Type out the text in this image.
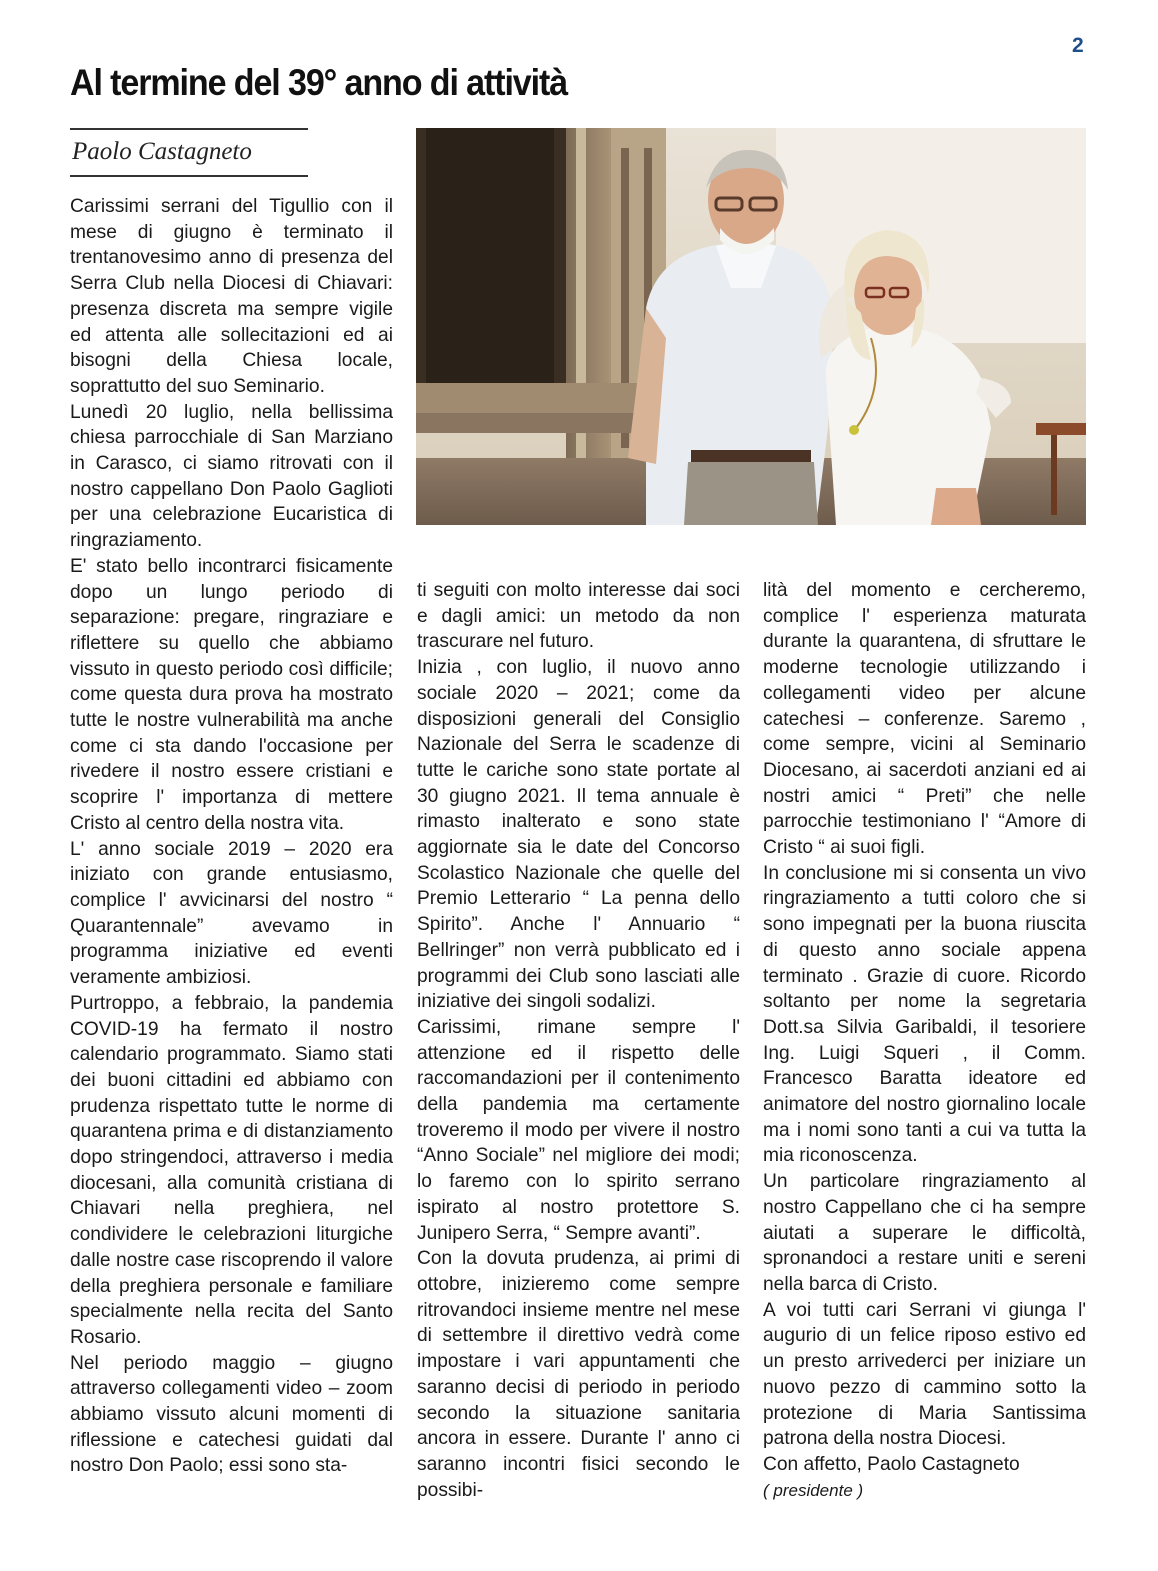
2
Al termine del 39° anno di attività
Paolo Castagneto

Carissimi serrani del Tigullio con il mese di giugno è terminato il trentanovesimo anno di presenza del Serra Club nella Diocesi di Chiavari: presenza discreta ma sempre vigile ed attenta alle sollecitazioni ed ai bisogni della Chiesa locale, soprattutto del suo Seminario.

Lunedì 20 luglio, nella bellissima chiesa parrocchiale di San Marziano in Carasco, ci siamo ritrovati con il nostro cappellano Don Paolo Gaglioti per una celebrazione Eucaristica di ringraziamento.

E' stato bello incontrarci fisicamente dopo un lungo periodo di separazione: pregare, ringraziare e riflettere su quello che abbiamo vissuto in questo periodo così difficile; come questa dura prova ha mostrato tutte le nostre vulnerabilità ma anche come ci sta dando l'occasione per rivedere il nostro essere cristiani e scoprire l' importanza di mettere Cristo al centro della nostra vita.

L' anno sociale 2019 – 2020 era iniziato con grande entusiasmo, complice l' avvicinarsi del nostro “ Quarantennale” avevamo in programma iniziative ed eventi veramente ambiziosi.

Purtroppo, a febbraio, la pandemia COVID-19 ha fermato il nostro calendario programmato. Siamo stati dei buoni cittadini ed abbiamo con prudenza rispettato tutte le norme di quarantena prima e di distanziamento dopo stringendoci, attraverso i media diocesani, alla comunità cristiana di Chiavari nella preghiera, nel condividere le celebrazioni liturgiche dalle nostre case riscoprendo il valore della preghiera personale e familiare specialmente nella recita del Santo Rosario.

Nel periodo maggio – giugno attraverso collegamenti video – zoom abbiamo vissuto alcuni momenti di riflessione e catechesi guidati dal nostro Don Paolo; essi sono sta-

ti seguiti con molto interesse dai soci e dagli amici: un metodo da non trascurare nel futuro.

Inizia , con luglio, il nuovo anno sociale 2020 – 2021; come da disposizioni generali del Consiglio Nazionale del Serra le scadenze di tutte le cariche sono state portate al 30 giugno 2021. Il tema annuale è rimasto inalterato e sono state aggiornate sia le date del Concorso Scolastico Nazionale che quelle del Premio Letterario “ La penna dello Spirito”. Anche l' Annuario “ Bellringer” non verrà pubblicato ed i programmi dei Club sono lasciati alle iniziative dei singoli sodalizi.

Carissimi, rimane sempre l' attenzione ed il rispetto delle raccomandazioni per il contenimento della pandemia ma certamente troveremo il modo per vivere il nostro “Anno Sociale” nel migliore dei modi; lo faremo con lo spirito serrano ispirato al nostro protettore S. Junipero Serra, “ Sempre avanti”.

Con la dovuta prudenza, ai primi di ottobre, inizieremo come sempre ritrovandoci insieme mentre nel mese di settembre il direttivo vedrà come impostare i vari appuntamenti che saranno decisi di periodo in periodo secondo la situazione sanitaria ancora in essere. Durante l' anno ci saranno incontri fisici secondo le possibi-

lità del momento e cercheremo, complice l' esperienza maturata durante la quarantena, di sfruttare le moderne tecnologie utilizzando i collegamenti video per alcune catechesi – conferenze. Saremo , come sempre, vicini al Seminario Diocesano, ai sacerdoti anziani ed ai nostri amici “ Preti” che nelle parrocchie testimoniano l' “Amore di Cristo “ ai suoi figli.

In conclusione mi si consenta un vivo ringraziamento a tutti coloro che si sono impegnati per la buona riuscita di questo anno sociale appena terminato . Grazie di cuore. Ricordo soltanto per nome la segretaria Dott.sa Silvia Garibaldi, il tesoriere Ing. Luigi Squeri , il Comm. Francesco Baratta ideatore ed animatore del nostro giornalino locale ma i nomi sono tanti a cui va tutta la mia riconoscenza.

Un particolare ringraziamento al nostro Cappellano che ci ha sempre aiutati a superare le difficoltà, spronandoci a restare uniti e sereni nella barca di Cristo.

A voi tutti cari Serrani vi giunga l' augurio di un felice riposo estivo ed un presto arrivederci per iniziare un nuovo pezzo di cammino sotto la protezione di Maria Santissima patrona della nostra Diocesi.

Con affetto, Paolo Castagneto

( presidente )
